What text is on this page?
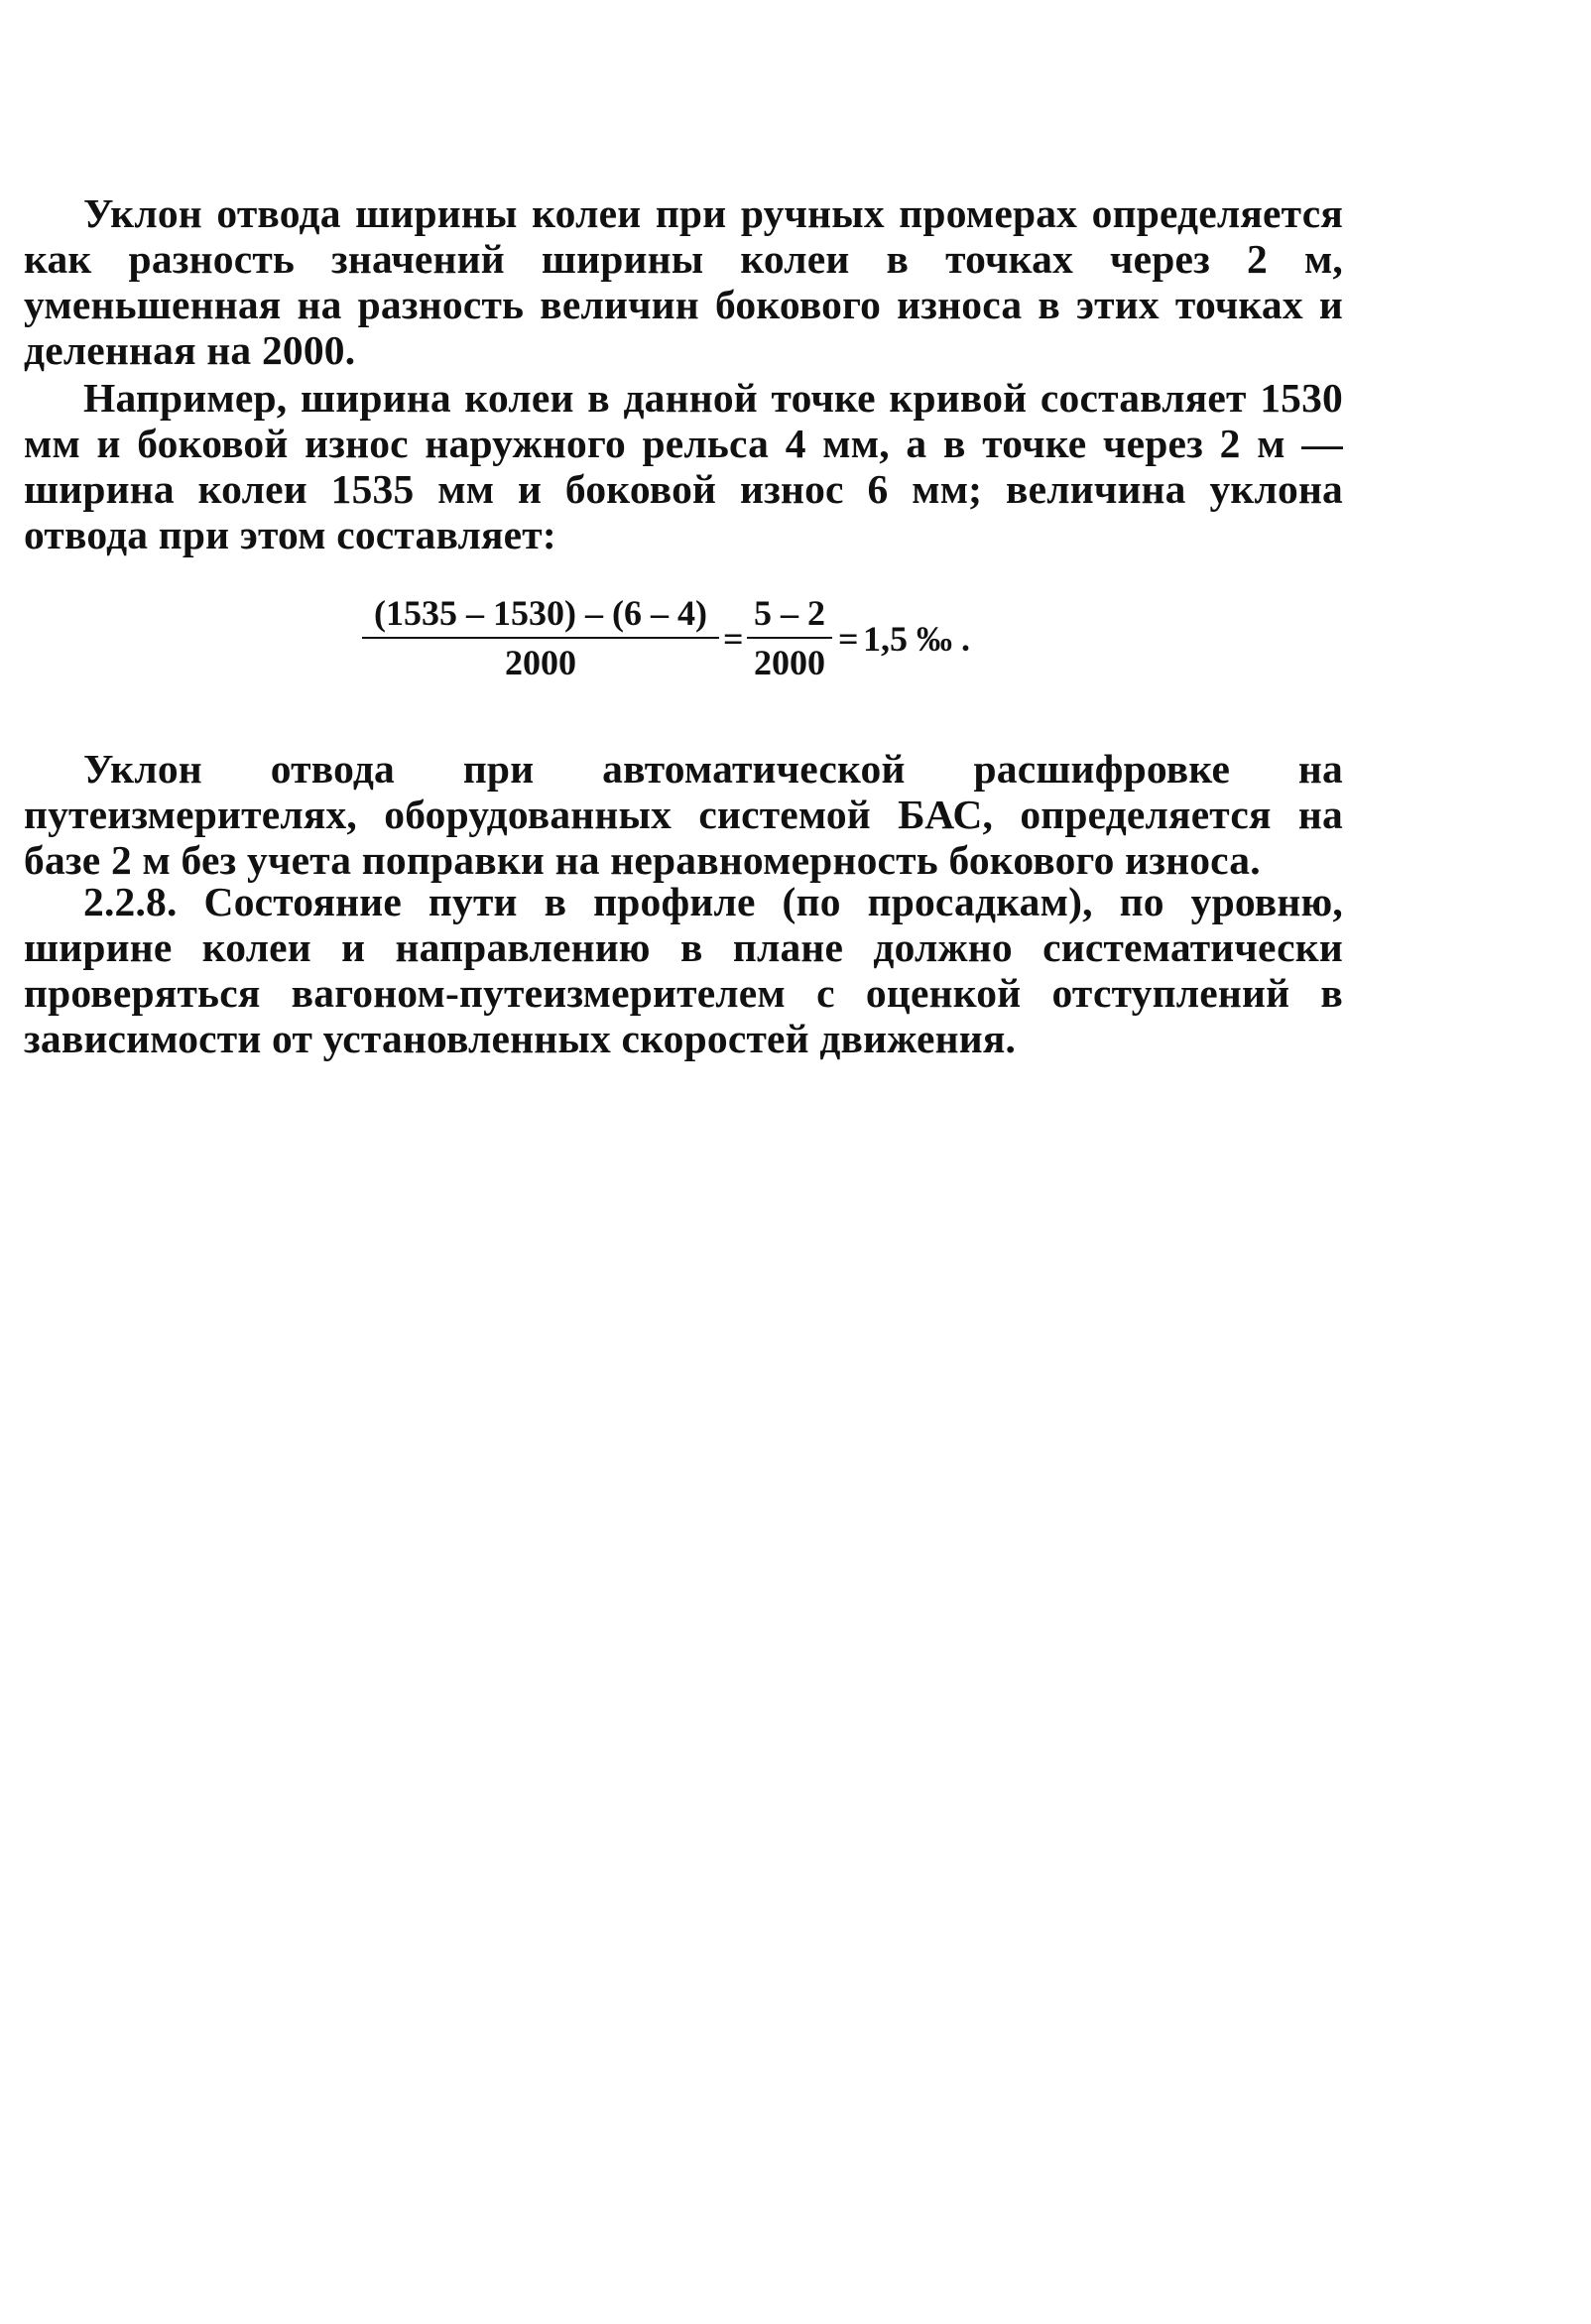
Уклон отвода ширины колеи при ручных промерах определяется как разность значений ширины колеи в точках через 2 м, уменьшенная на разность величин бокового износа в этих точках и деленная на 2000.

Например, ширина колеи в данной точке кривой составляет 1530 мм и боковой износ наружного рельса 4 мм, а в точке через 2 м — ширина колеи 1535 мм и боковой износ 6 мм; величина уклона отвода при этом составляет:

$\frac{(1535 - 1530) - (6 - 4)}{2000} = \frac{5 - 2}{2000} = 1,5$ ‰ .

Уклон отвода при автоматической расшифровке на путеизмерителях, оборудованных системой БАС, определяется на базе 2 м без учета поправки на неравномерность бокового износа.

2.2.8. Состояние пути в профиле (по просадкам), по уровню, ширине колеи и направлению в плане должно систематически проверяться вагоном-путеизмерителем с оценкой отступлений в зависимости от установленных скоростей движения.
